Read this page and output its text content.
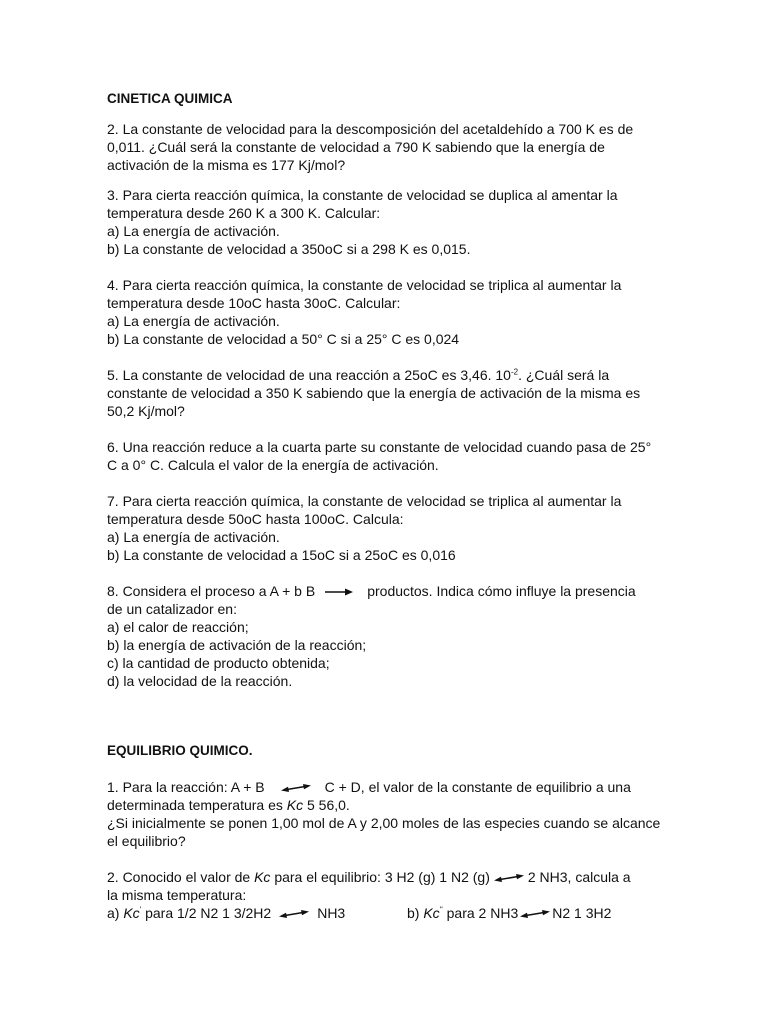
CINETICA QUIMICA

2. La constante de velocidad para la descomposición del acetaldehído a 700 K es de 0,011. ¿Cuál será la constante de velocidad a 790 K sabiendo que la energía de activación de la misma es 177 Kj/mol?

3. Para cierta reacción química, la constante de velocidad se duplica al amentar la temperatura desde 260 K a 300 K. Calcular:

a) La energía de activación.

b) La constante de velocidad a 350oC si a 298 K es 0,015.

4. Para cierta reacción química, la constante de velocidad se triplica al aumentar la temperatura desde 10oC hasta 30oC. Calcular:

a) La energía de activación.

b) La constante de velocidad a 50° C si a 25° C es 0,024

5. La constante de velocidad de una reacción a 25oC es 3,46. $10^{-2}$. ¿Cuál será la constante de velocidad a 350 K sabiendo que la energía de activación de la misma es 50,2 Kj/mol?

6. Una reacción reduce a la cuarta parte su constante de velocidad cuando pasa de 25° C a 0° C. Calcula el valor de la energía de activación.

7. Para cierta reacción química, la constante de velocidad se triplica al aumentar la temperatura desde 50oC hasta 100oC. Calcula:

a) La energía de activación.

b) La constante de velocidad a 15oC si a 25oC es 0,016

8. Considera el proceso a A + b B	productos. Indica cómo influye la presencia

de un catalizador en:

a) el calor de reacción;

b) la energía de activación de la reacción;

c) la cantidad de producto obtenida;

d) la velocidad de la reacción.

EQUILIBRIO QUIMICO.

1. Para la reacción: A + B	C + D, el valor de la constante de equilibrio a una

determinada temperatura es Kc 5 56,0.

¿Si inicialmente se ponen 1,00 mol de A y 2,00 moles de las especies cuando se alcance el equilibrio?

2. Conocido el valor de Kc para el equilibrio: 3 H2 (g) 1 N2 (g)	2 NH3, calcula a

la misma temperatura:

a) Kc' para 1/2 N2 1 3/2H2	NH3	b) Kc'' para 2 NH3 N2 1 3H2
